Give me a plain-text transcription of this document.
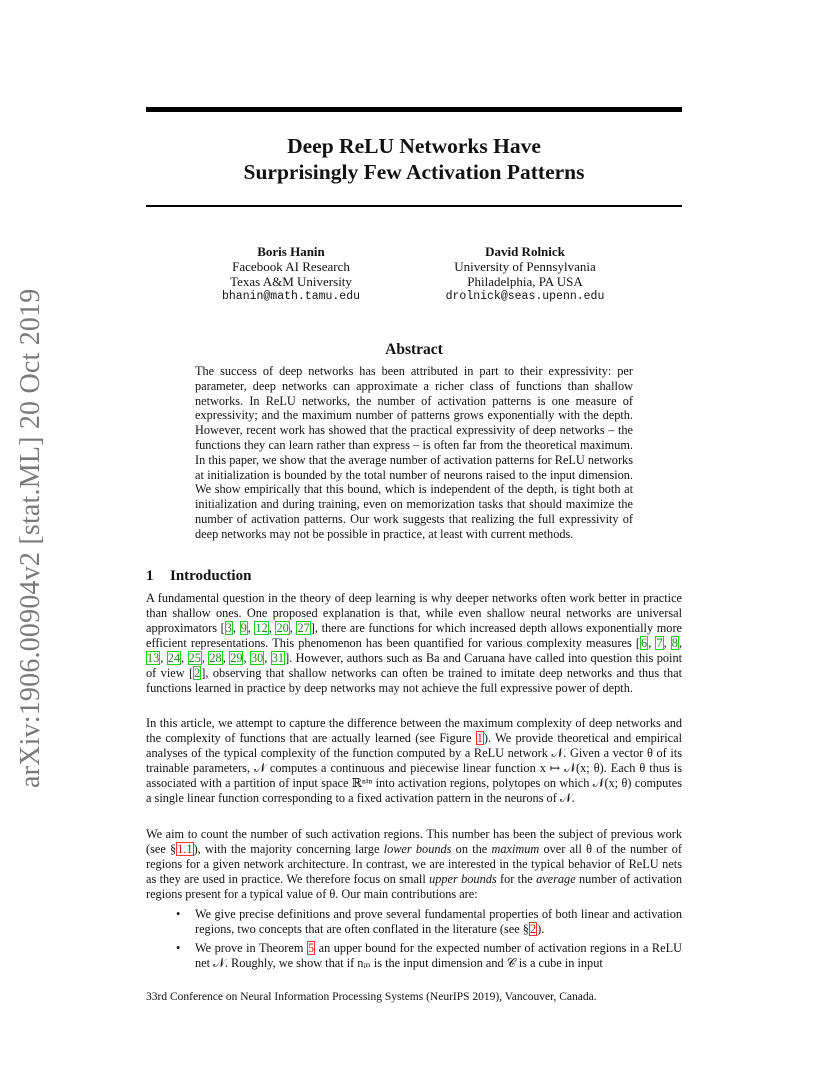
arXiv:1906.00904v2 [stat.ML] 20 Oct 2019
Deep ReLU Networks Have
Surprisingly Few Activation Patterns
Boris Hanin
Facebook AI Research
Texas A&M University
bhanin@math.tamu.edu
David Rolnick
University of Pennsylvania
Philadelphia, PA USA
drolnick@seas.upenn.edu
Abstract
The success of deep networks has been attributed in part to their expressivity: per parameter, deep networks can approximate a richer class of functions than shallow networks. In ReLU networks, the number of activation patterns is one measure of expressivity; and the maximum number of patterns grows exponentially with the depth. However, recent work has showed that the practical expressivity of deep networks – the functions they can learn rather than express – is often far from the theoretical maximum. In this paper, we show that the average number of activation patterns for ReLU networks at initialization is bounded by the total number of neurons raised to the input dimension. We show empirically that this bound, which is independent of the depth, is tight both at initialization and during training, even on memorization tasks that should maximize the number of activation patterns. Our work suggests that realizing the full expressivity of deep networks may not be possible in practice, at least with current methods.
1 Introduction
A fundamental question in the theory of deep learning is why deeper networks often work better in practice than shallow ones. One proposed explanation is that, while even shallow neural networks are universal approximators [3, 9, 12, 20, 27], there are functions for which increased depth allows exponentially more efficient representations. This phenomenon has been quantified for various complexity measures [6, 7, 8, 13, 24, 25, 28, 29, 30, 31]. However, authors such as Ba and Caruana have called into question this point of view [2], observing that shallow networks can often be trained to imitate deep networks and thus that functions learned in practice by deep networks may not achieve the full expressive power of depth.
In this article, we attempt to capture the difference between the maximum complexity of deep networks and the complexity of functions that are actually learned (see Figure 1). We provide theoretical and empirical analyses of the typical complexity of the function computed by a ReLU network 𝒩. Given a vector θ of its trainable parameters, 𝒩 computes a continuous and piecewise linear function x ↦ 𝒩(x; θ). Each θ thus is associated with a partition of input space ℝⁿⁱⁿ into activation regions, polytopes on which 𝒩(x; θ) computes a single linear function corresponding to a fixed activation pattern in the neurons of 𝒩.
We aim to count the number of such activation regions. This number has been the subject of previous work (see §1.1), with the majority concerning large lower bounds on the maximum over all θ of the number of regions for a given network architecture. In contrast, we are interested in the typical behavior of ReLU nets as they are used in practice. We therefore focus on small upper bounds for the average number of activation regions present for a typical value of θ. Our main contributions are:
• We give precise definitions and prove several fundamental properties of both linear and activation regions, two concepts that are often conflated in the literature (see §2).
• We prove in Theorem 5 an upper bound for the expected number of activation regions in a ReLU net 𝒩. Roughly, we show that if nᵢₙ is the input dimension and 𝒞 is a cube in input
33rd Conference on Neural Information Processing Systems (NeurIPS 2019), Vancouver, Canada.
